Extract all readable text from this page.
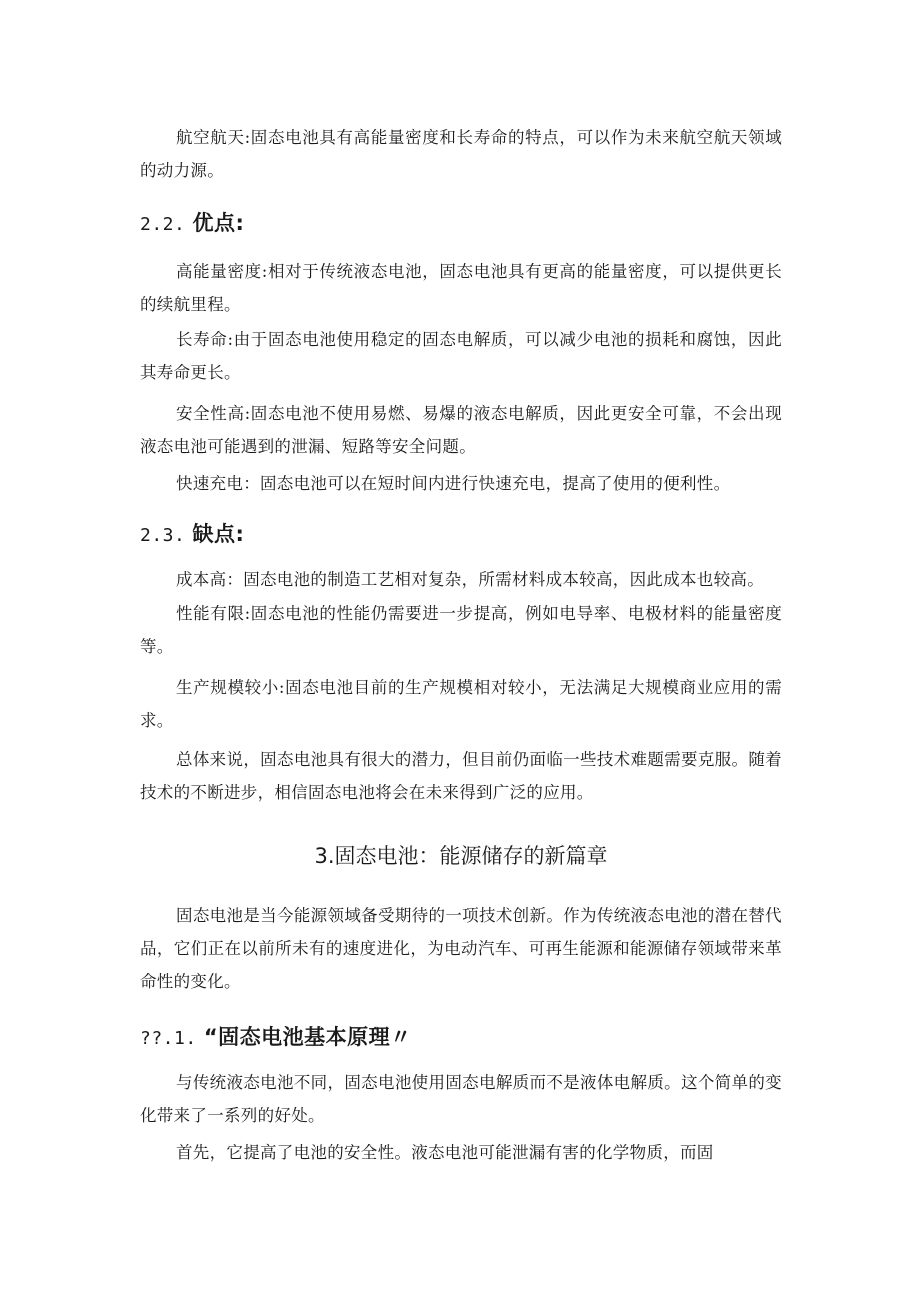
航空航天:固态电池具有高能量密度和长寿命的特点，可以作为未来航空航天领域的动力源。

2.2. 优点:

高能量密度:相对于传统液态电池，固态电池具有更高的能量密度，可以提供更长的续航里程。

长寿命:由于固态电池使用稳定的固态电解质，可以减少电池的损耗和腐蚀，因此其寿命更长。

安全性高:固态电池不使用易燃、易爆的液态电解质，因此更安全可靠，不会出现液态电池可能遇到的泄漏、短路等安全问题。

快速充电：固态电池可以在短时间内进行快速充电，提高了使用的便利性。

2.3. 缺点:

成本高：固态电池的制造工艺相对复杂，所需材料成本较高，因此成本也较高。

性能有限:固态电池的性能仍需要进一步提高，例如电导率、电极材料的能量密度等。

生产规模较小:固态电池目前的生产规模相对较小，无法满足大规模商业应用的需求。

总体来说，固态电池具有很大的潜力，但目前仍面临一些技术难题需要克服。随着技术的不断进步，相信固态电池将会在未来得到广泛的应用。

3.固态电池：能源储存的新篇章

固态电池是当今能源领域备受期待的一项技术创新。作为传统液态电池的潜在替代品，它们正在以前所未有的速度进化，为电动汽车、可再生能源和能源储存领域带来革命性的变化。

??.1. “固态电池基本原理〃

与传统液态电池不同，固态电池使用固态电解质而不是液体电解质。这个简单的变化带来了一系列的好处。

首先，它提高了电池的安全性。液态电池可能泄漏有害的化学物质，而固
